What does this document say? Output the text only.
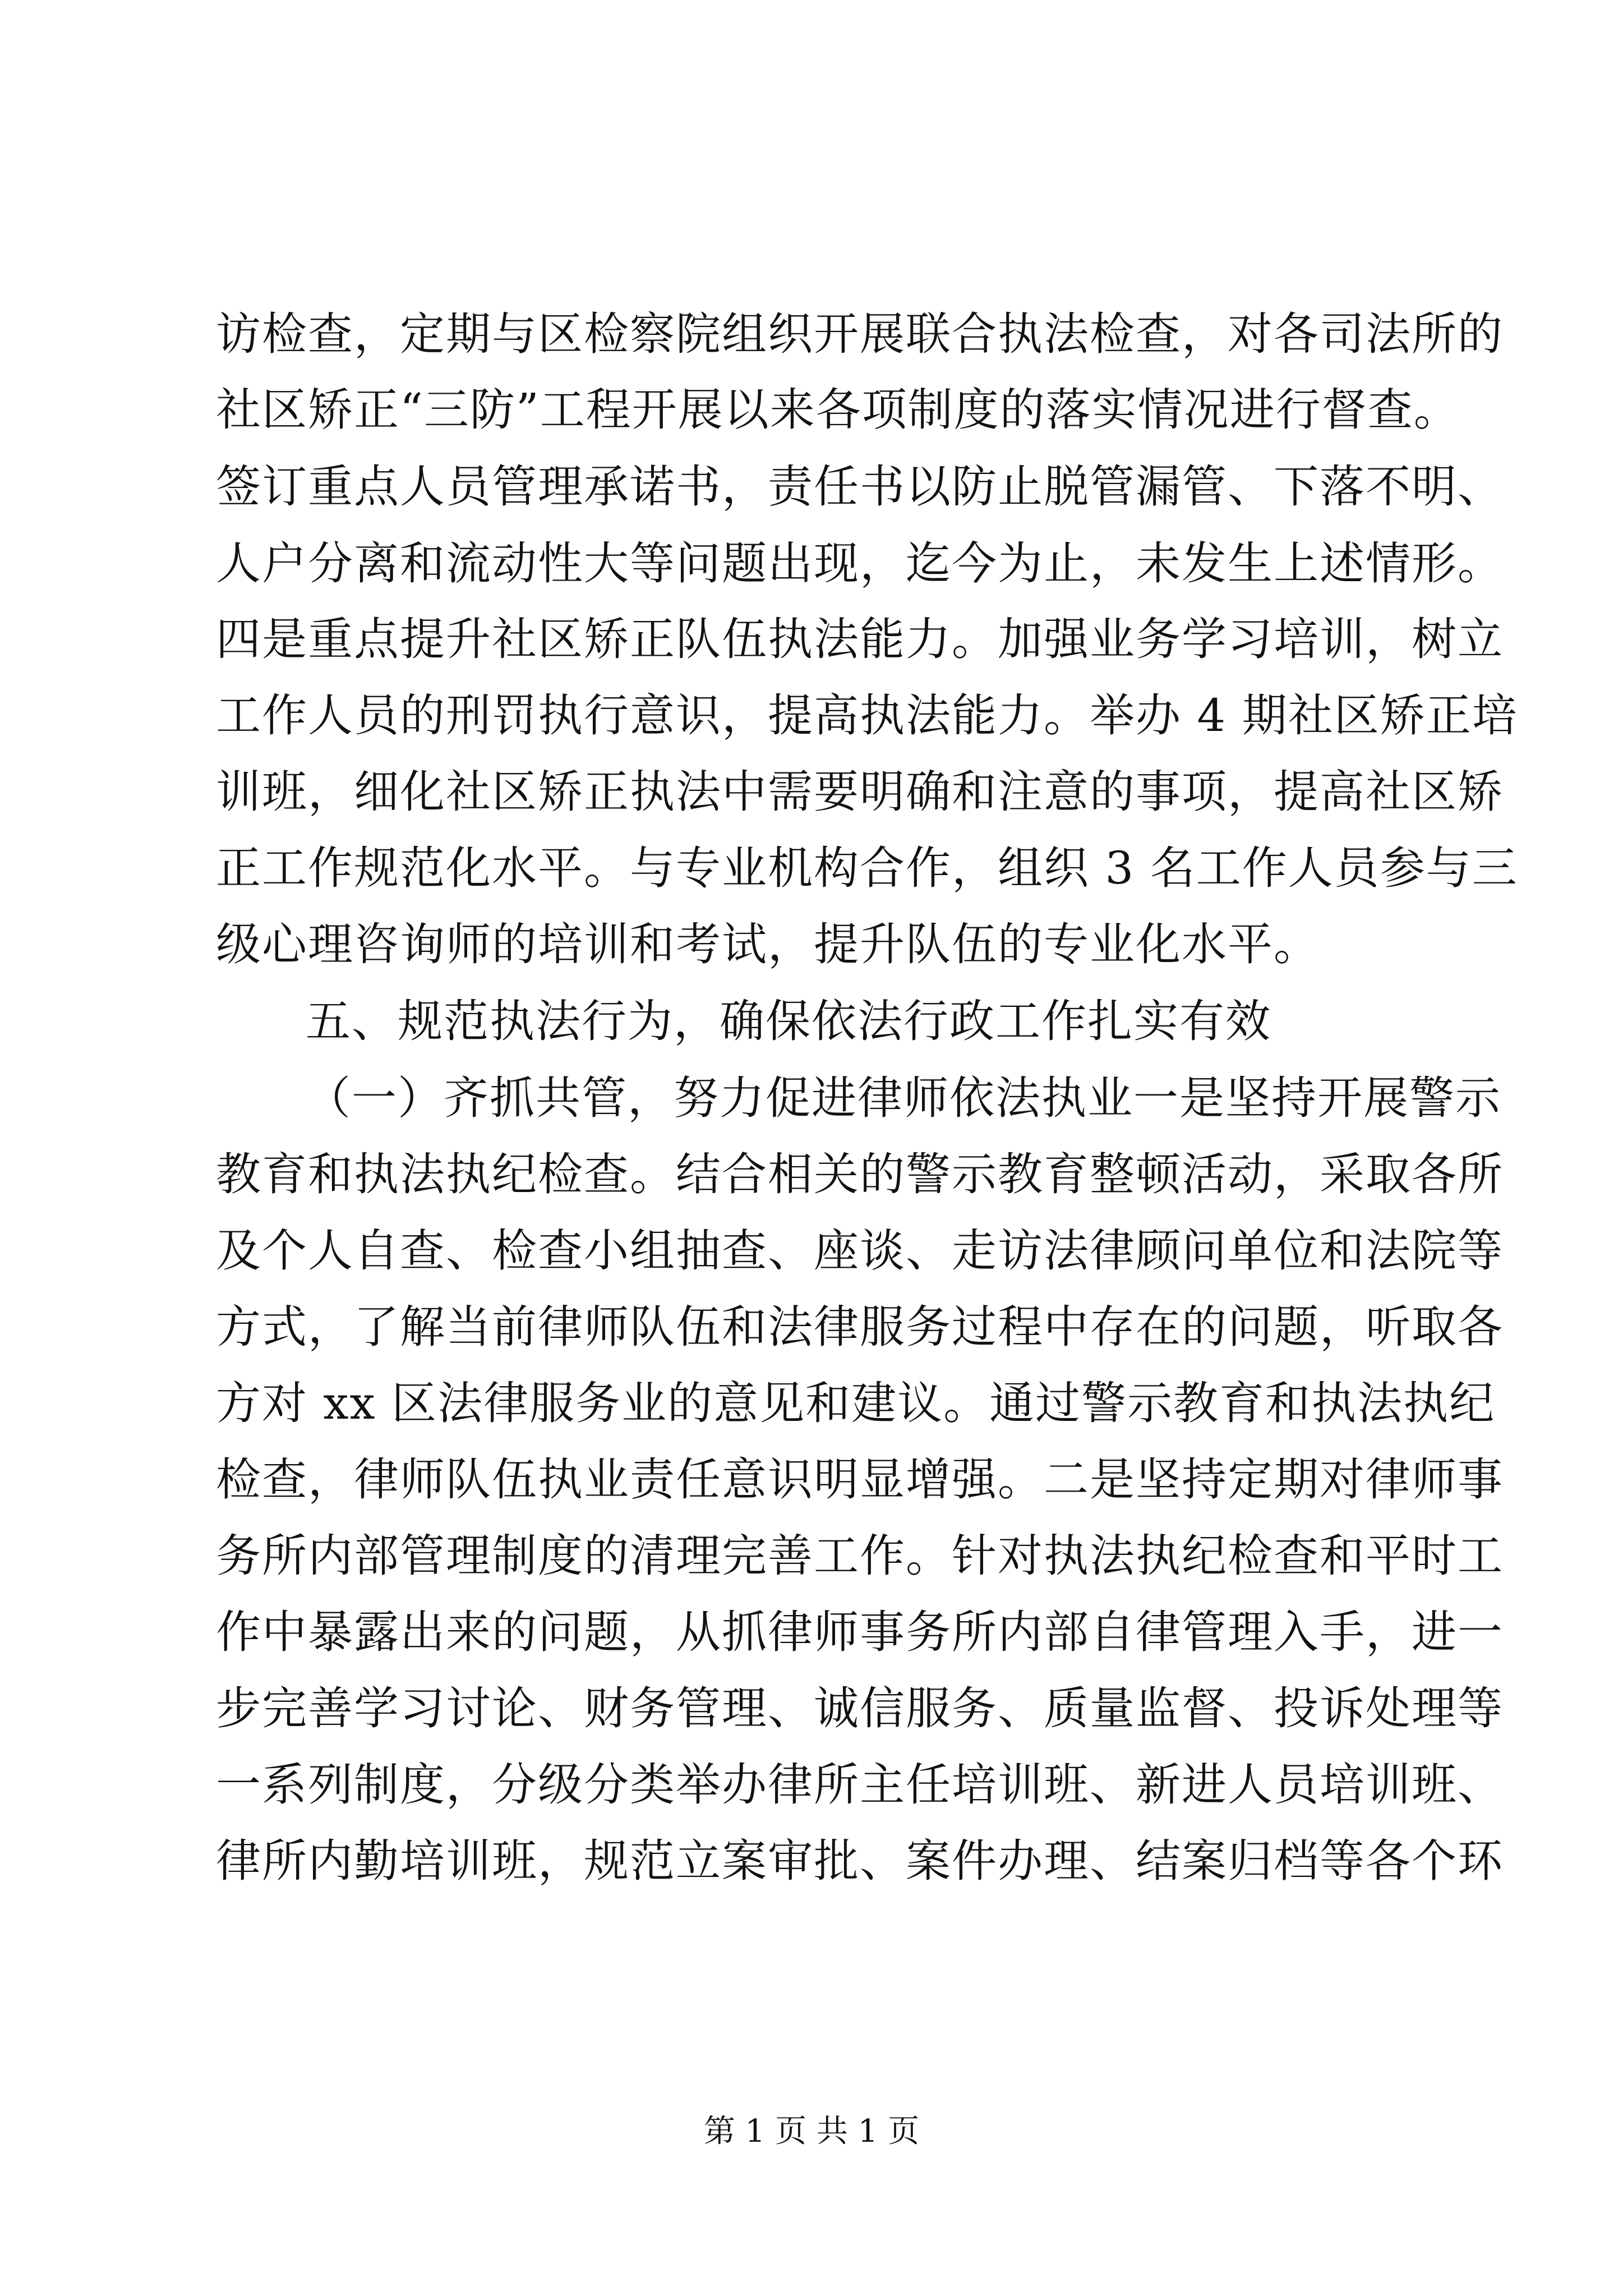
访检查，定期与区检察院组织开展联合执法检查，对各司法所的
社区矫正“三防”工程开展以来各项制度的落实情况进行督查。
签订重点人员管理承诺书，责任书以防止脱管漏管、下落不明、
人户分离和流动性大等问题出现，迄今为止，未发生上述情形。
四是重点提升社区矫正队伍执法能力。加强业务学习培训，树立
工作人员的刑罚执行意识，提高执法能力。举办 4 期社区矫正培
训班，细化社区矫正执法中需要明确和注意的事项，提高社区矫
正工作规范化水平。与专业机构合作，组织 3 名工作人员参与三
级心理咨询师的培训和考试，提升队伍的专业化水平。
五、规范执法行为，确保依法行政工作扎实有效
（一）齐抓共管，努力促进律师依法执业一是坚持开展警示
教育和执法执纪检查。结合相关的警示教育整顿活动，采取各所
及个人自查、检查小组抽查、座谈、走访法律顾问单位和法院等
方式，了解当前律师队伍和法律服务过程中存在的问题，听取各
方对 xx 区法律服务业的意见和建议。通过警示教育和执法执纪
检查，律师队伍执业责任意识明显增强。二是坚持定期对律师事
务所内部管理制度的清理完善工作。针对执法执纪检查和平时工
作中暴露出来的问题，从抓律师事务所内部自律管理入手，进一
步完善学习讨论、财务管理、诚信服务、质量监督、投诉处理等
一系列制度，分级分类举办律所主任培训班、新进人员培训班、
律所内勤培训班，规范立案审批、案件办理、结案归档等各个环
第 1 页 共 1 页
